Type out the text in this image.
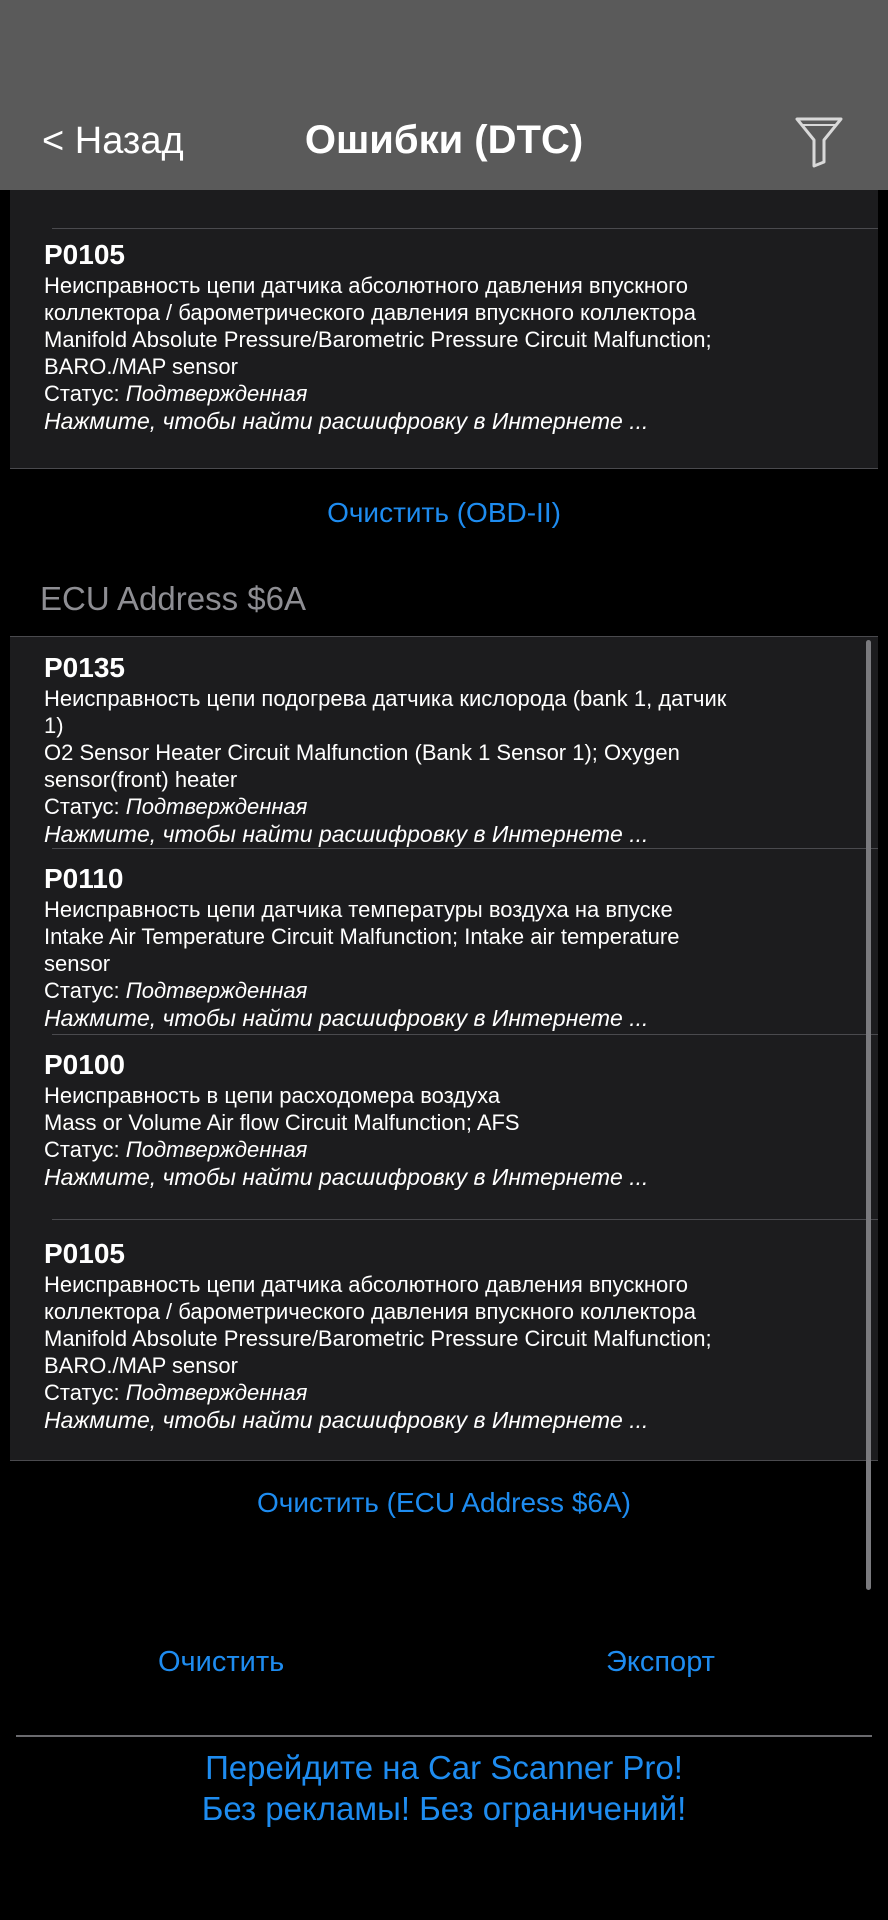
< Назад	Ошибки (DTC)
P0105
Неисправность цепи датчика абсолютного давления впускного
коллектора / барометрического давления впускного коллектора
Manifold Absolute Pressure/Barometric Pressure Circuit Malfunction;
BARO./MAP sensor
Статус: Подтвержденная
Нажмите, чтобы найти расшифровку в Интернете ...
Очистить (OBD-II)
ECU Address $6A
P0135
Неисправность цепи подогрева датчика кислорода (bank 1, датчик
1)
O2 Sensor Heater Circuit Malfunction (Bank 1 Sensor 1); Oxygen
sensor(front) heater
Статус: Подтвержденная
Нажмите, чтобы найти расшифровку в Интернете ...
P0110
Неисправность цепи датчика температуры воздуха на впуске
Intake Air Temperature Circuit Malfunction; Intake air temperature
sensor
Статус: Подтвержденная
Нажмите, чтобы найти расшифровку в Интернете ...
P0100
Неисправность в цепи расходомера воздуха
Mass or Volume Air flow Circuit Malfunction; AFS
Статус: Подтвержденная
Нажмите, чтобы найти расшифровку в Интернете ...
P0105
Неисправность цепи датчика абсолютного давления впускного
коллектора / барометрического давления впускного коллектора
Manifold Absolute Pressure/Barometric Pressure Circuit Malfunction;
BARO./MAP sensor
Статус: Подтвержденная
Нажмите, чтобы найти расшифровку в Интернете ...
Очистить (ECU Address $6A)
Очистить	Экспорт
Перейдите на Car Scanner Pro!
Без рекламы! Без ограничений!
